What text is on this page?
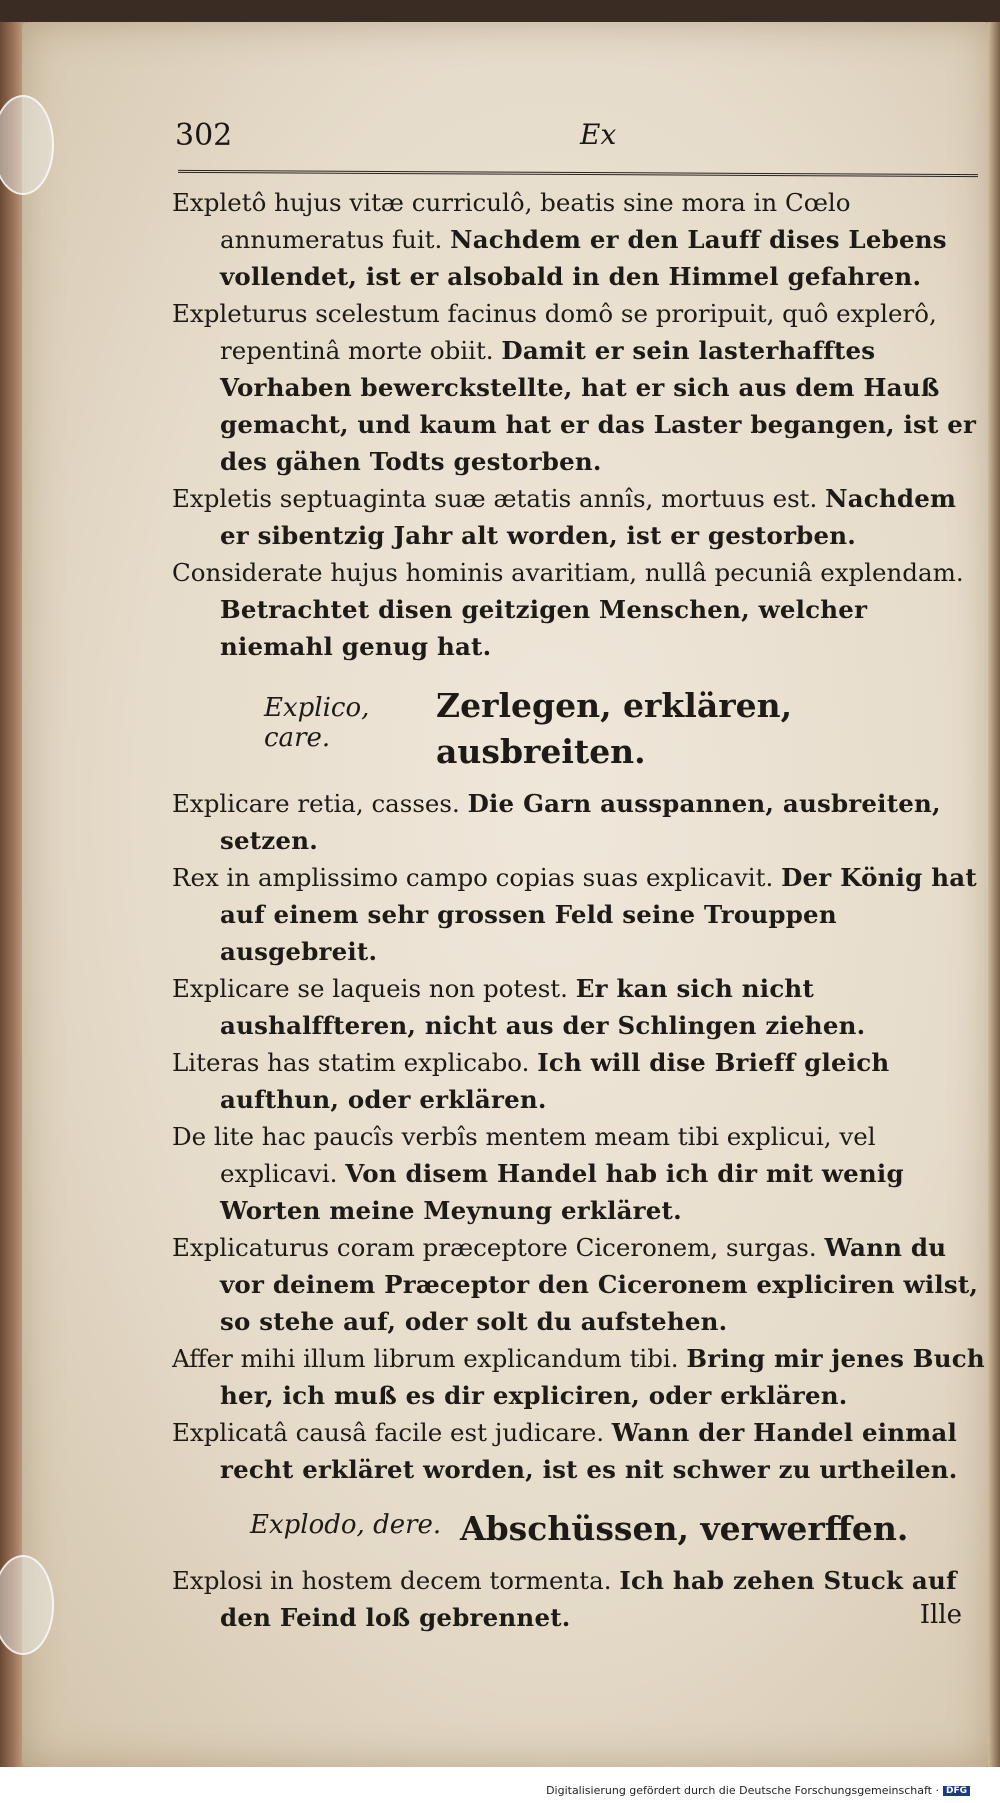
302	Ex

Expletô hujus vitæ curriculô, beatis sine mora in Cœlo annumeratus fuit. Nachdem er den Lauff dises Lebens vollendet, ist er alsobald in den Himmel gefahren.

Expleturus scelestum facinus domô se proripuit, quô explerô, repentinâ morte obiit. Damit er sein lasterhafftes Vorhaben bewerckstellte, hat er sich aus dem Hauß gemacht, und kaum hat er das Laster begangen, ist er des gähen Todts gestorben.

Expletis septuaginta suæ ætatis annîs, mortuus est. Nachdem er sibentzig Jahr alt worden, ist er gestorben.

Considerate hujus hominis avaritiam, nullâ pecuniâ explendam. Betrachtet disen geitzigen Menschen, welcher niemahl genug hat.

Explico, care.
Zerlegen, erklären, ausbreiten.

Explicare retia, casses. Die Garn ausspannen, ausbreiten, setzen.

Rex in amplissimo campo copias suas explicavit. Der König hat auf einem sehr grossen Feld seine Trouppen ausgebreit.

Explicare se laqueis non potest. Er kan sich nicht aushalffteren, nicht aus der Schlingen ziehen.

Literas has statim explicabo. Ich will dise Brieff gleich aufthun, oder erklären.

De lite hac paucîs verbîs mentem meam tibi explicui, vel explicavi. Von disem Handel hab ich dir mit wenig Worten meine Meynung erkläret.

Explicaturus coram præceptore Ciceronem, surgas. Wann du vor deinem Præceptor den Ciceronem expliciren wilst, so stehe auf, oder solt du aufstehen.

Affer mihi illum librum explicandum tibi. Bring mir jenes Buch her, ich muß es dir expliciren, oder erklären.

Explicatâ causâ facile est judicare. Wann der Handel einmal recht erkläret worden, ist es nit schwer zu urtheilen.

Explodo, dere. Abschüssen, verwerffen.

Explosi in hostem decem tormenta. Ich hab zehen Stuck auf den Feind loß gebrennet.	Ille
Digitalisierung gefördert durch die Deutsche Forschungsgemeinschaft · DFG
